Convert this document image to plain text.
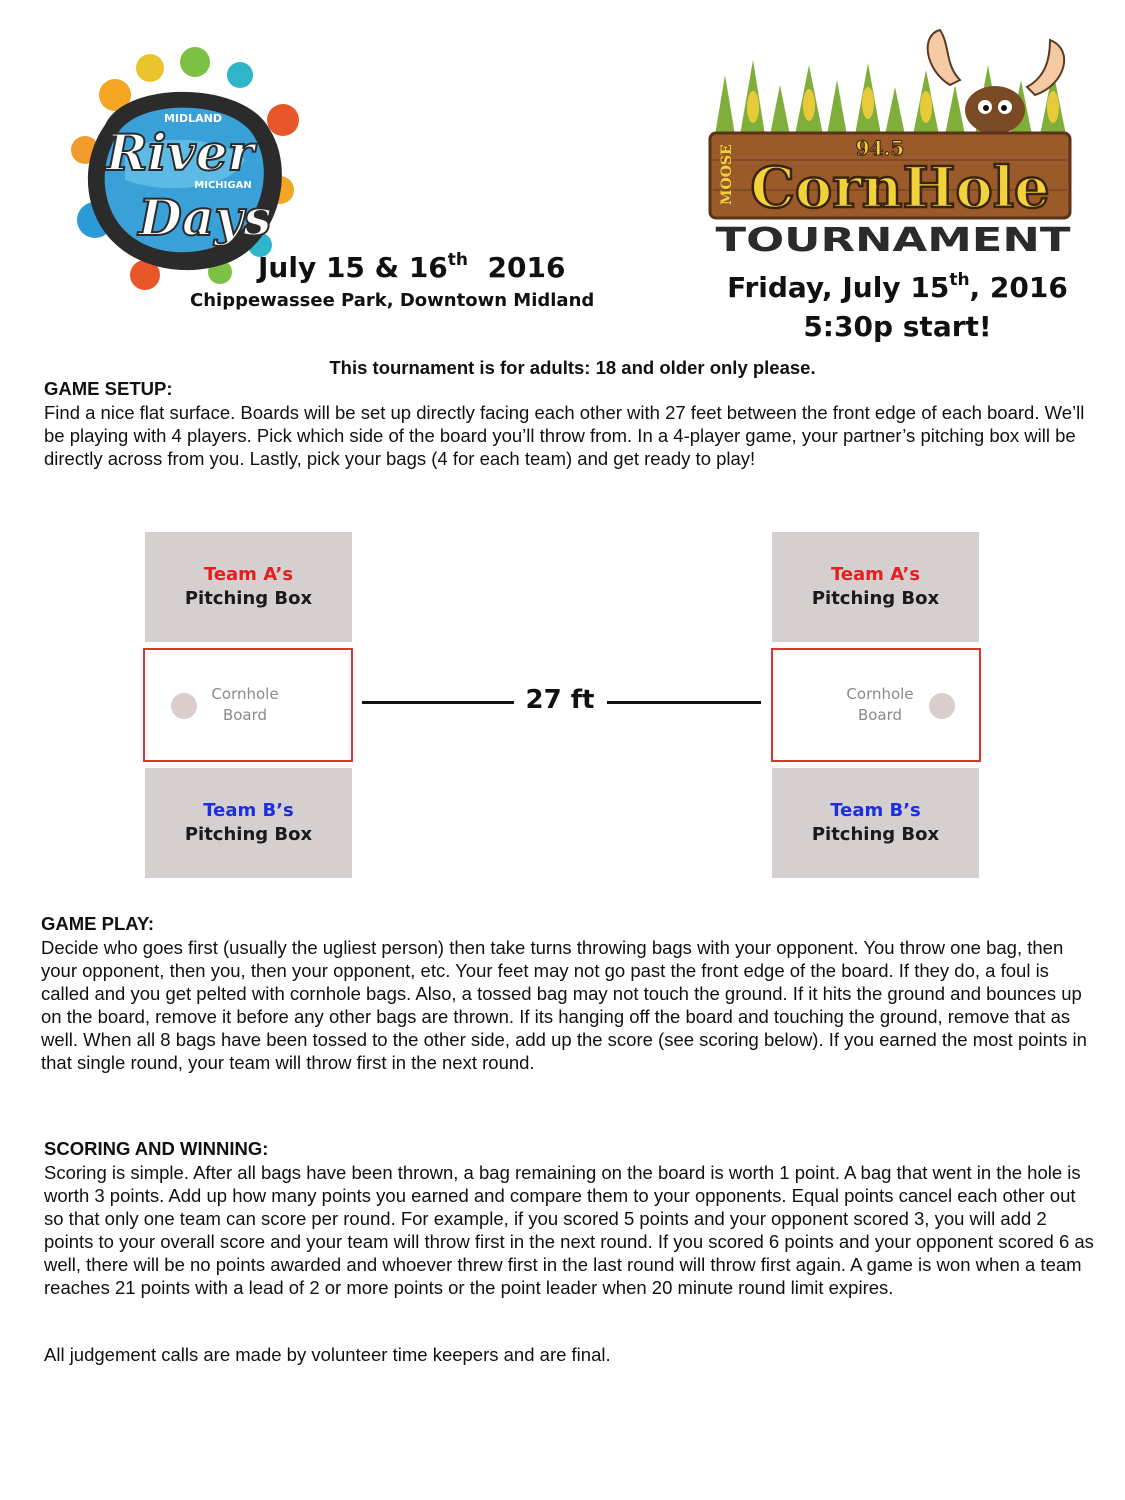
MIDLAND
River
MICHIGAN
Days
94.5
MOOSE CornHole
TOURNAMENT
July 15 & 16th  2016
Chippewassee Park, Downtown Midland	Friday, July 15th, 2016
5:30p start!
This tournament is for adults: 18 and older only please.
GAME SETUP:
Find a nice flat surface. Boards will be set up directly facing each other with 27 feet between the front edge of each board. We’ll be playing with 4 players. Pick which side of the board you’ll throw from. In a 4-player game, your partner’s pitching box will be directly across from you. Lastly, pick your bags (4 for each team) and get ready to play!
Team A’s
Pitching Box
Cornhole
Board
Team B’s
Pitching Box
27 ft
Team A’s
Pitching Box
Cornhole
Board
Team B’s
Pitching Box
GAME PLAY:
Decide who goes first (usually the ugliest person) then take turns throwing bags with your opponent. You throw one bag, then your opponent, then you, then your opponent, etc. Your feet may not go past the front edge of the board. If they do, a foul is called and you get pelted with cornhole bags. Also, a tossed bag may not touch the ground. If it hits the ground and bounces up on the board, remove it before any other bags are thrown. If its hanging off the board and touching the ground, remove that as well. When all 8 bags have been tossed to the other side, add up the score (see scoring below). If you earned the most points in that single round, your team will throw first in the next round.
SCORING AND WINNING:
Scoring is simple. After all bags have been thrown, a bag remaining on the board is worth 1 point. A bag that went in the hole is worth 3 points. Add up how many points you earned and compare them to your opponents. Equal points cancel each other out so that only one team can score per round. For example, if you scored 5 points and your opponent scored 3, you will add 2 points to your overall score and your team will throw first in the next round. If you scored 6 points and your opponent scored 6 as well, there will be no points awarded and whoever threw first in the last round will throw first again. A game is won when a team reaches 21 points with a lead of 2 or more points or the point leader when 20 minute round limit expires.
All judgement calls are made by volunteer time keepers and are final.
